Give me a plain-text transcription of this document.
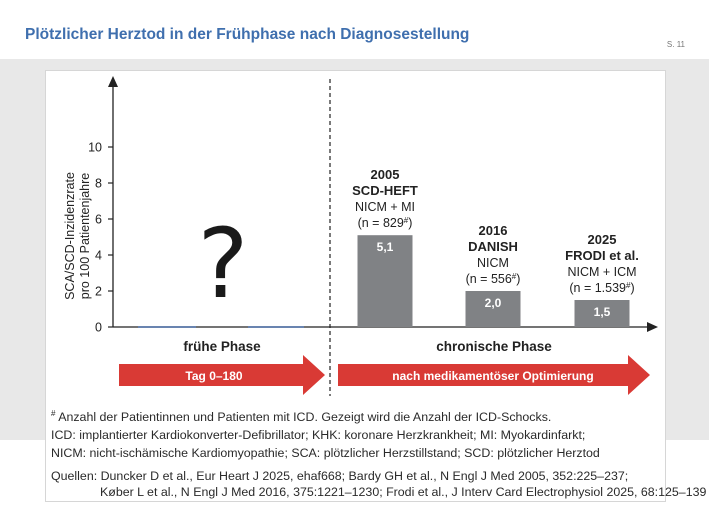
Plötzlicher Herztod in der Frühphase nach Diagnosestellung
S. 11
SCA/SCD-Inzidenzrate pro 100 Patientenjahre
0
2
4
6
8
10
?	5,1
(n = 829#)
NICM + MI
SCD-HEFT
2005
2,0
(n = 556#)
NICM
DANISH
2016
1,5
(n = 1.539#)
NICM + ICM
FRODI et al.
2025
frühe Phase	chronische Phase
Tag 0–180	nach medikamentöser Optimierung
# Anzahl der Patientinnen und Patienten mit ICD. Gezeigt wird die Anzahl der ICD-Schocks.
ICD: implantierter Kardiokonverter-Defibrillator; KHK: koronare Herzkrankheit; MI: Myokardinfarkt;
NICM: nicht-ischämische Kardiomyopathie; SCA: plötzlicher Herzstillstand; SCD: plötzlicher Herztod
Quellen: Duncker D et al., Eur Heart J 2025, ehaf668; Bardy GH et al., N Engl J Med 2005, 352:225–237;
Køber L et al., N Engl J Med 2016, 375:1221–1230; Frodi et al., J Interv Card Electrophysiol 2025, 68:125–139
